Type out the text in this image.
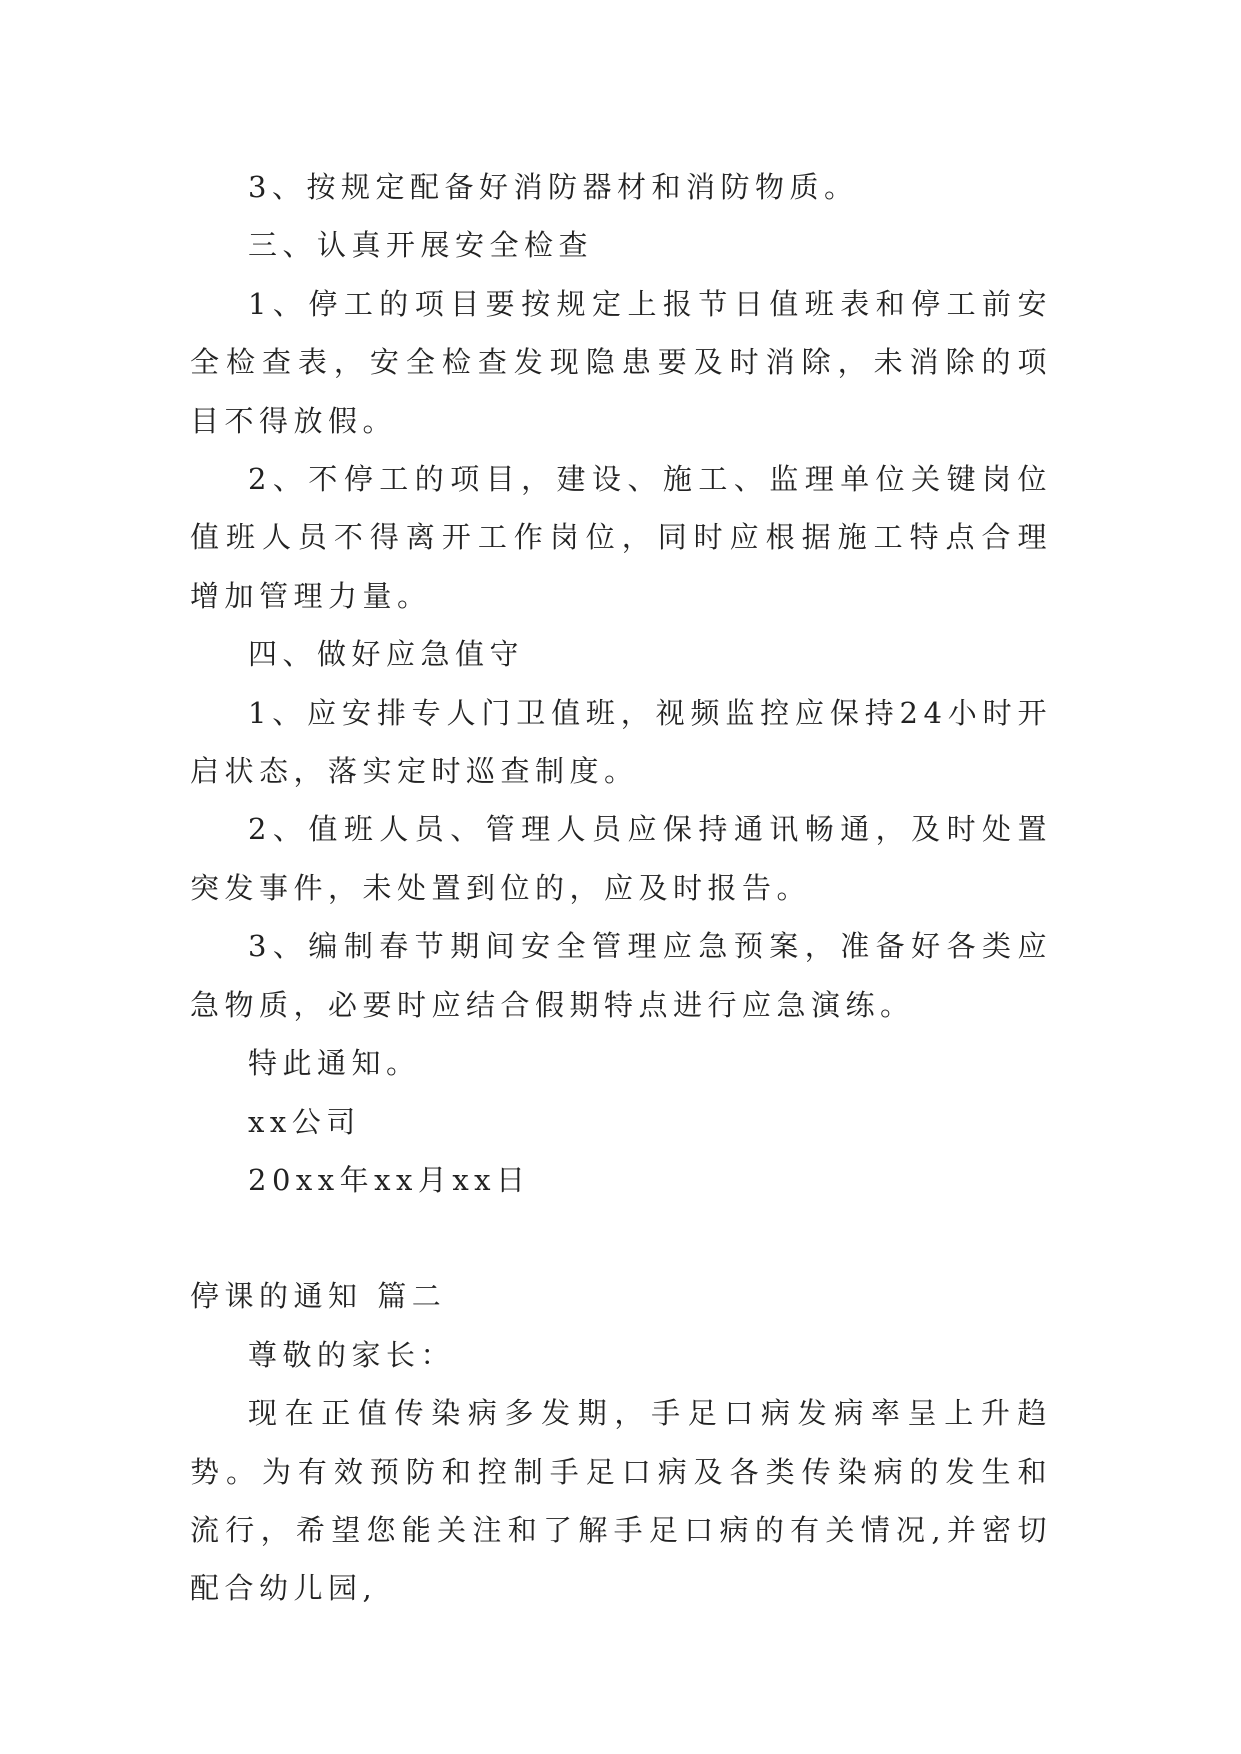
3、按规定配备好消防器材和消防物质。

三、认真开展安全检查

1、停工的项目要按规定上报节日值班表和停工前安全检查表，安全检查发现隐患要及时消除，未消除的项目不得放假。

2、不停工的项目，建设、施工、监理单位关键岗位值班人员不得离开工作岗位，同时应根据施工特点合理增加管理力量。

四、做好应急值守

1、应安排专人门卫值班，视频监控应保持24小时开启状态，落实定时巡查制度。

2、值班人员、管理人员应保持通讯畅通，及时处置突发事件，未处置到位的，应及时报告。

3、编制春节期间安全管理应急预案，准备好各类应急物质，必要时应结合假期特点进行应急演练。

特此通知。

xx公司

20xx年xx月xx日

停课的通知 篇二

尊敬的家长：

现在正值传染病多发期，手足口病发病率呈上升趋势。为有效预防和控制手足口病及各类传染病的发生和流行，希望您能关注和了解手足口病的有关情况,并密切配合幼儿园,
